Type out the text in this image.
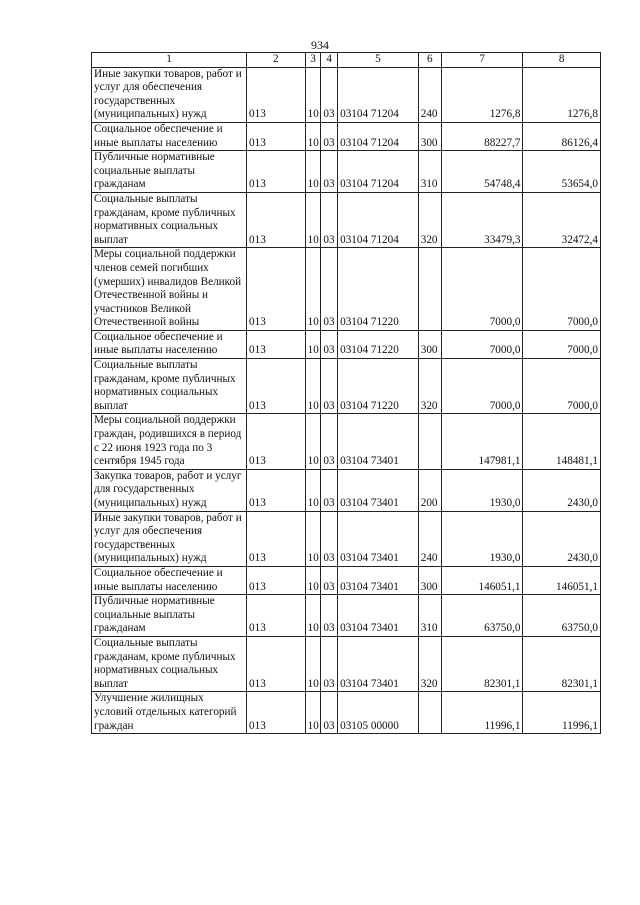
934
1	2	3	4	5	6	7	8
Иные закупки товаров, работ и услуг для обеспечения государственных (муниципальных) нужд	013	10	03	03104 71204	240	1276,8	1276,8
Социальное обеспечение и иные выплаты населению	013	10	03	03104 71204	300	88227,7	86126,4
Публичные нормативные социальные выплаты гражданам	013	10	03	03104 71204	310	54748,4	53654,0
Социальные выплаты гражданам, кроме публичных нормативных социальных выплат	013	10	03	03104 71204	320	33479,3	32472,4
Меры социальной поддержки членов семей погибших (умерших) инвалидов Великой Отечественной войны и участников Великой Отечественной войны	013	10	03	03104 71220		7000,0	7000,0
Социальное обеспечение и иные выплаты населению	013	10	03	03104 71220	300	7000,0	7000,0
Социальные выплаты гражданам, кроме публичных нормативных социальных выплат	013	10	03	03104 71220	320	7000,0	7000,0
Меры социальной поддержки граждан, родившихся в период с 22 июня 1923 года по 3 сентября 1945 года	013	10	03	03104 73401		147981,1	148481,1
Закупка товаров, работ и услуг для государственных (муниципальных) нужд	013	10	03	03104 73401	200	1930,0	2430,0
Иные закупки товаров, работ и услуг для обеспечения государственных (муниципальных) нужд	013	10	03	03104 73401	240	1930,0	2430,0
Социальное обеспечение и иные выплаты населению	013	10	03	03104 73401	300	146051,1	146051,1
Публичные нормативные социальные выплаты гражданам	013	10	03	03104 73401	310	63750,0	63750,0
Социальные выплаты гражданам, кроме публичных нормативных социальных выплат	013	10	03	03104 73401	320	82301,1	82301,1
Улучшение жилищных условий отдельных категорий граждан	013	10	03	03105 00000		11996,1	11996,1
